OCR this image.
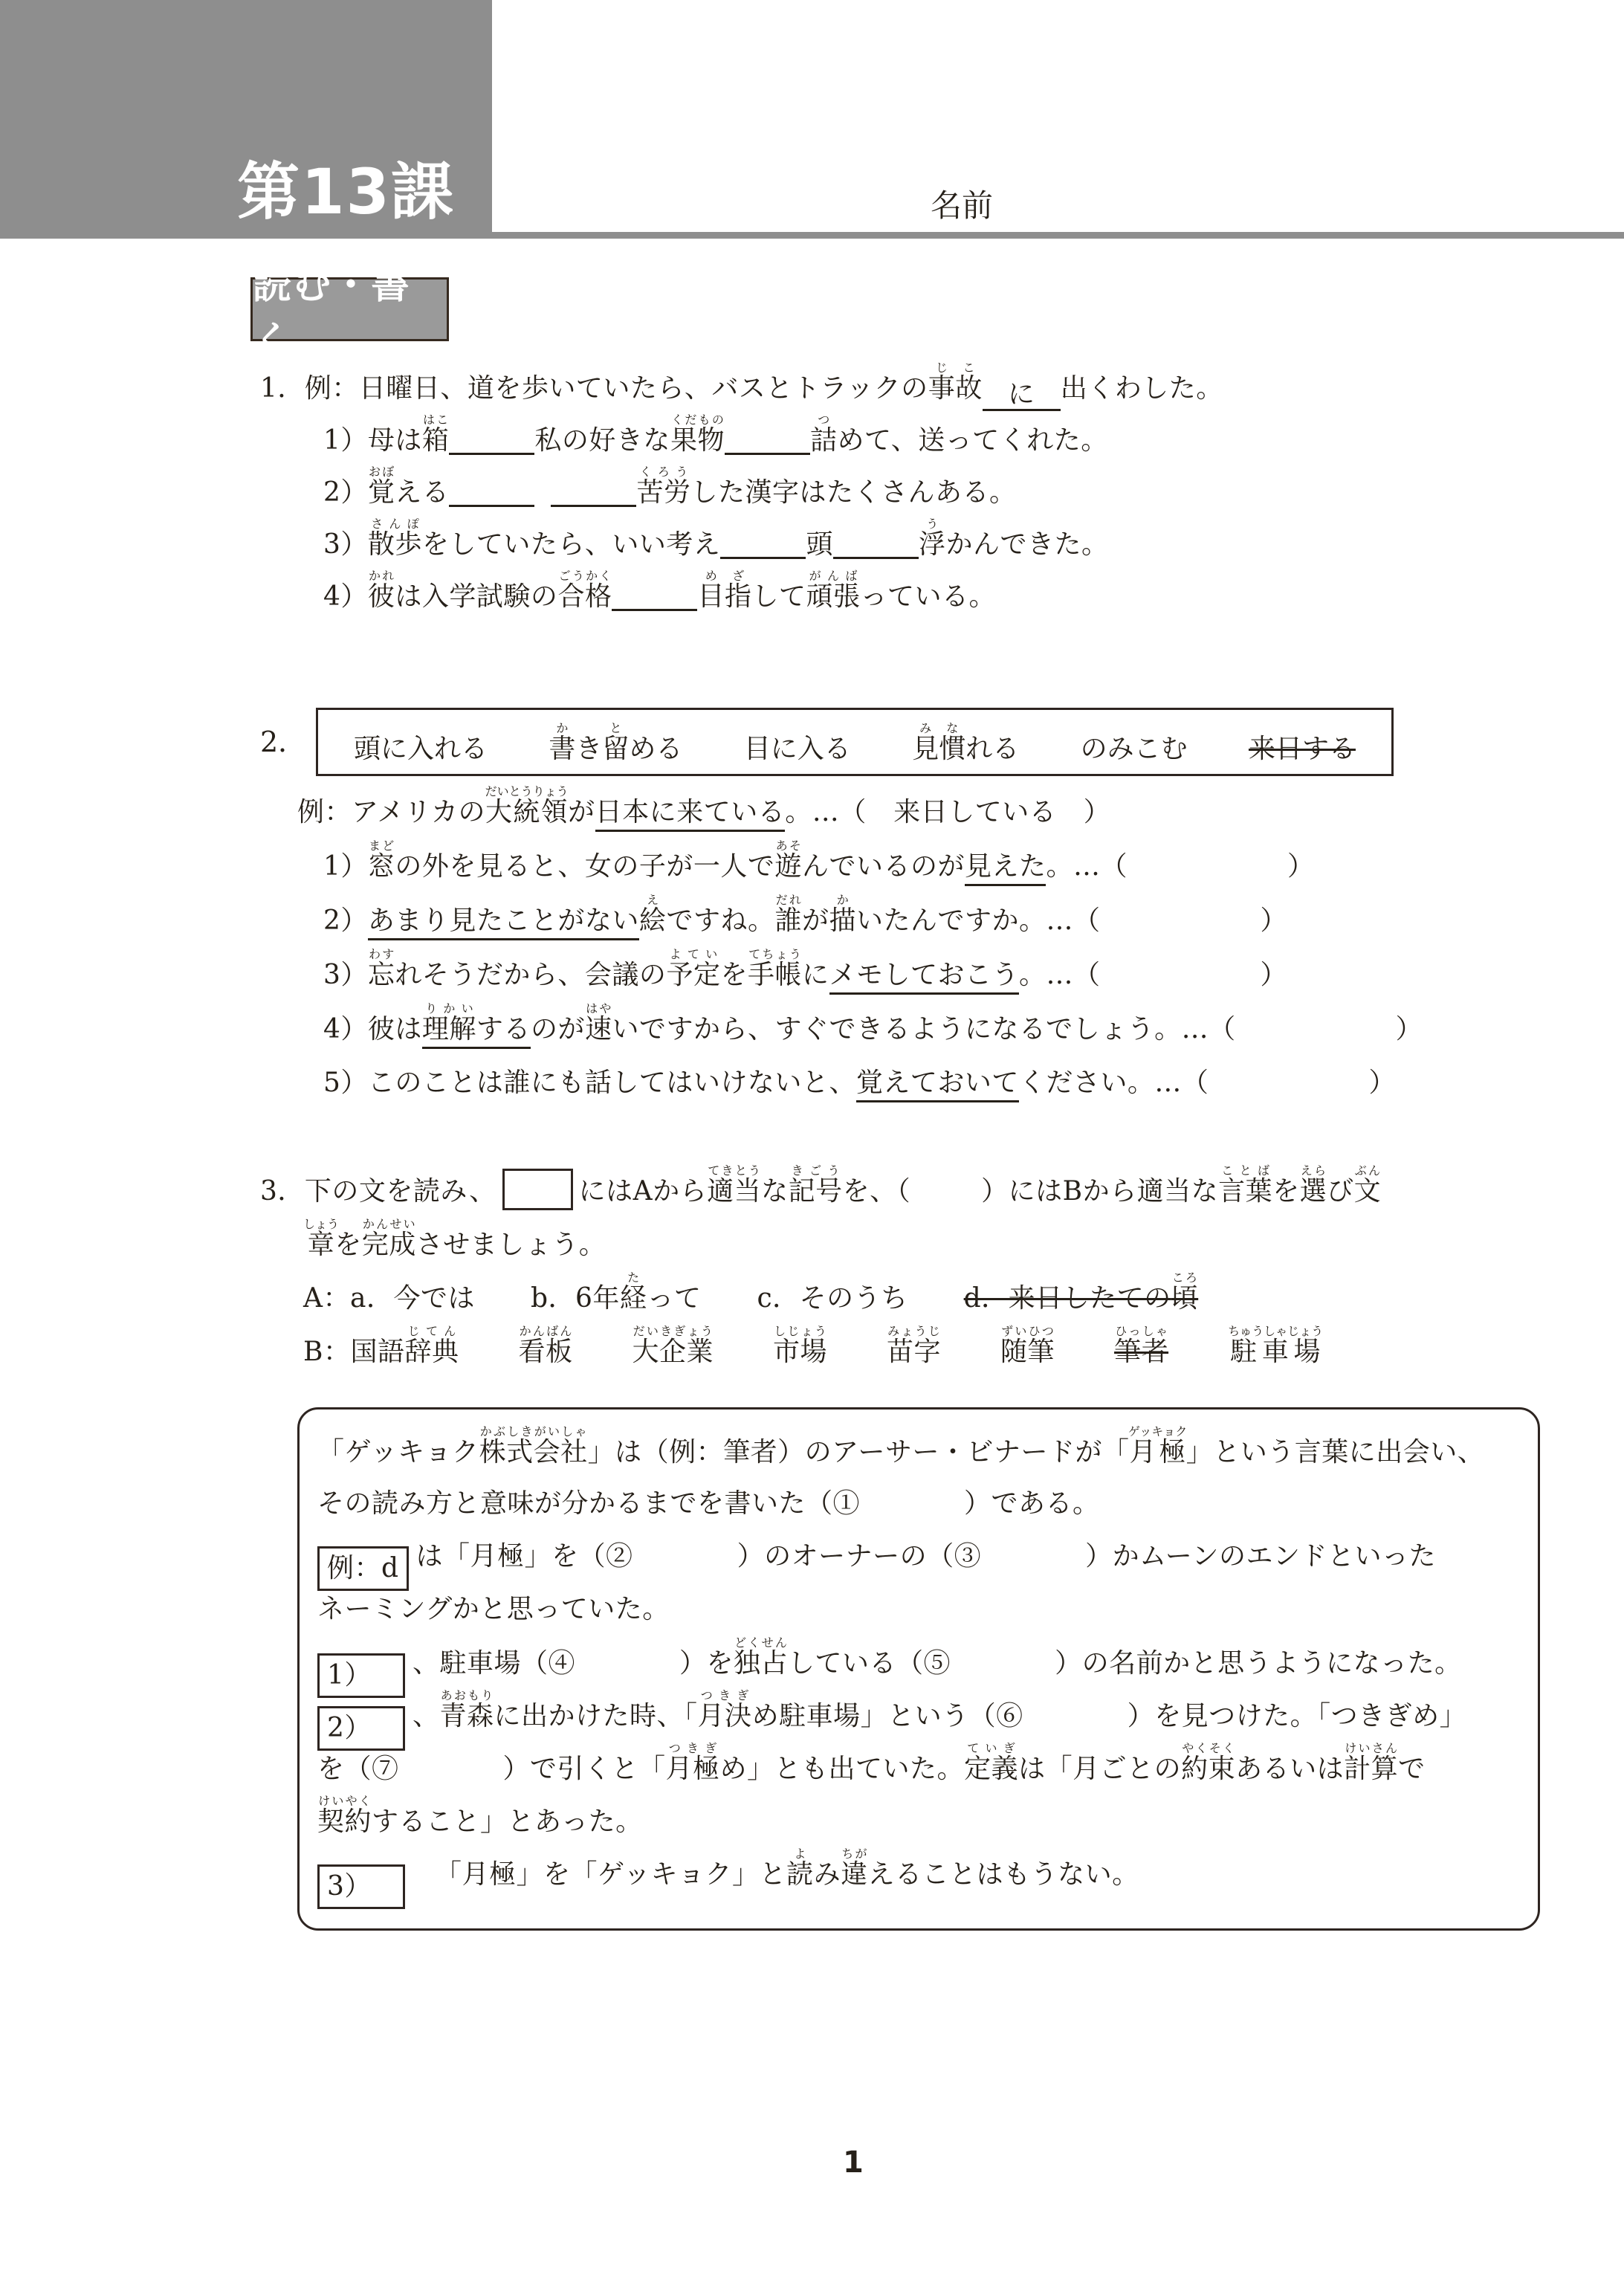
第13課	名前
読む・書く
1．例：日曜日、道を歩いていたら、バスとトラックの事故じこに 出くわした。
1）母は箱はこ私の好きな果物くだもの詰つめて、送ってくれた。
2）覚おぼえる	苦労くろうした漢字はたくさんある。
3）散歩さんぽをしていたら、いい考え	頭	浮うかんできた。
4）彼かれは入学試験の合格ごうかく目指めざして頑張がんばっている。
2． 頭に入れる 書かき留とめる 目に入る 見み慣なれる のみこむ 来日する
例：アメリカの大統領だいとうりょうが日本に来ている。…（　来日している　）
1）窓まどの外を見ると、女の子が一人で遊あそんでいるのが見えた。…（	）
2）あまり見たことがない絵えですね。誰だれが描かいたんですか。…（	）
3）忘わすれそうだから、会議の予定よていを手帳てちょうにメモしておこう。…（	）
4）彼は理解りかいするのが速はやいですから、すぐできるようになるでしょう。…（	）
5）このことは誰にも話してはいけないと、覚えておいてください。…（	）
3．下の文を読み、	にはAから適当てきとうな記号きごうを、（	）にはBから適当な言葉ことばを選えらび文ぶん
章しょうを完成かんせいさせましょう。
A：a．今では b．6年経たって c．そのうち d．来日したての頃ころ
B：国語辞典じてん看板かんばん大企業だいきぎょう市場しじょう苗字みょうじ随筆ずいひつ筆者ひっしゃ駐車場ちゅうしゃじょう
「ゲッキョク株式会社かぶしきがいしゃ」は（例：筆者）のアーサー・ビナードが「月極ゲッキョク」という言葉に出会い、
その読み方と意味が分かるまでを書いた（①	）である。
例：d は「月極」を（②	）のオーナーの（③	）かムーンのエンドといった
ネーミングかと思っていた。
1） 、駐車場（④	）を独占どくせんしている（⑤	）の名前かと思うようになった。
2） 、青森あおもりに出かけた時、「月決つきぎめ駐車場」という（⑥	）を見つけた。「つきぎめ」
を（⑦	）で引くと「月極つきぎめ」とも出ていた。定義ていぎは「月ごとの約束やくそくあるいは計算けいさんで
契約けいやくすること」とあった。
3） 「月極」を「ゲッキョク」と読よみ違ちがえることはもうない。
1
